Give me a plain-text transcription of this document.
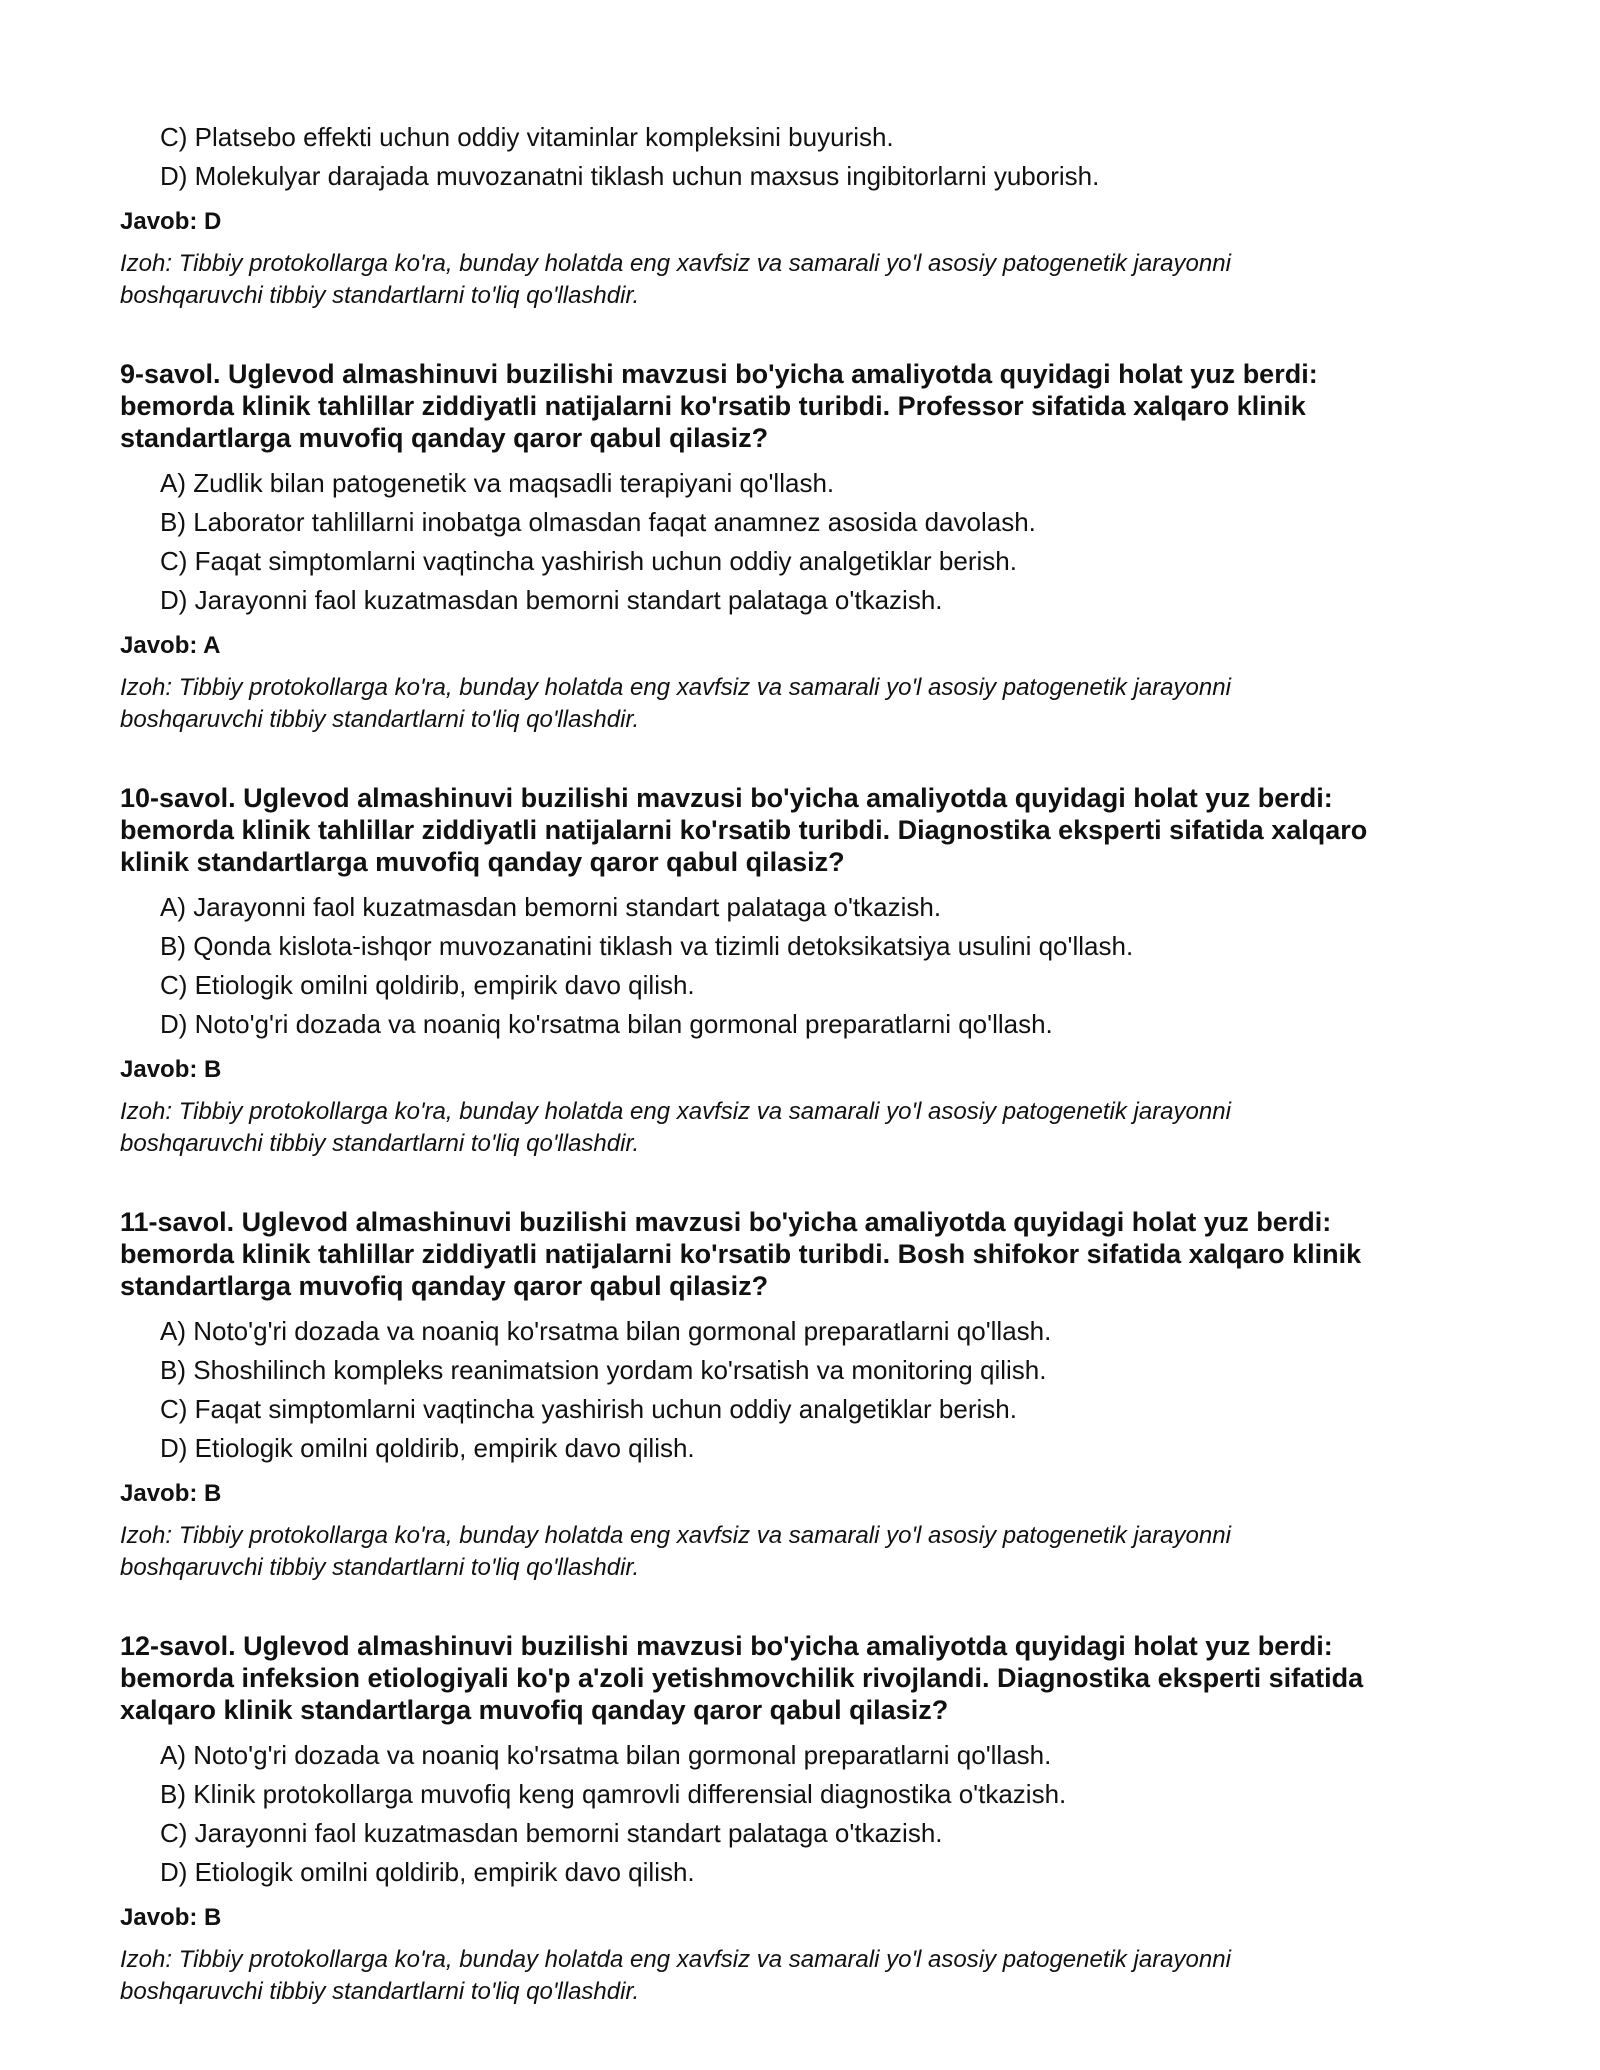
C) Platsebo effekti uchun oddiy vitaminlar kompleksini buyurish.

D) Molekulyar darajada muvozanatni tiklash uchun maxsus ingibitorlarni yuborish.

Javob: D
Izoh: Tibbiy protokollarga ko'ra, bunday holatda eng xavfsiz va samarali yo'l asosiy patogenetik jarayonni
boshqaruvchi tibbiy standartlarni to'liq qo'llashdir.
9-savol. Uglevod almashinuvi buzilishi mavzusi bo'yicha amaliyotda quyidagi holat yuz berdi:
bemorda klinik tahlillar ziddiyatli natijalarni ko'rsatib turibdi. Professor sifatida xalqaro klinik
standartlarga muvofiq qanday qaror qabul qilasiz?

A) Zudlik bilan patogenetik va maqsadli terapiyani qo'llash.

B) Laborator tahlillarni inobatga olmasdan faqat anamnez asosida davolash.

C) Faqat simptomlarni vaqtincha yashirish uchun oddiy analgetiklar berish.

D) Jarayonni faol kuzatmasdan bemorni standart palataga o'tkazish.

Javob: A
Izoh: Tibbiy protokollarga ko'ra, bunday holatda eng xavfsiz va samarali yo'l asosiy patogenetik jarayonni
boshqaruvchi tibbiy standartlarni to'liq qo'llashdir.
10-savol. Uglevod almashinuvi buzilishi mavzusi bo'yicha amaliyotda quyidagi holat yuz berdi:
bemorda klinik tahlillar ziddiyatli natijalarni ko'rsatib turibdi. Diagnostika eksperti sifatida xalqaro
klinik standartlarga muvofiq qanday qaror qabul qilasiz?

A) Jarayonni faol kuzatmasdan bemorni standart palataga o'tkazish.

B) Qonda kislota-ishqor muvozanatini tiklash va tizimli detoksikatsiya usulini qo'llash.

C) Etiologik omilni qoldirib, empirik davo qilish.

D) Noto'g'ri dozada va noaniq ko'rsatma bilan gormonal preparatlarni qo'llash.

Javob: B
Izoh: Tibbiy protokollarga ko'ra, bunday holatda eng xavfsiz va samarali yo'l asosiy patogenetik jarayonni
boshqaruvchi tibbiy standartlarni to'liq qo'llashdir.
11-savol. Uglevod almashinuvi buzilishi mavzusi bo'yicha amaliyotda quyidagi holat yuz berdi:
bemorda klinik tahlillar ziddiyatli natijalarni ko'rsatib turibdi. Bosh shifokor sifatida xalqaro klinik
standartlarga muvofiq qanday qaror qabul qilasiz?

A) Noto'g'ri dozada va noaniq ko'rsatma bilan gormonal preparatlarni qo'llash.

B) Shoshilinch kompleks reanimatsion yordam ko'rsatish va monitoring qilish.

C) Faqat simptomlarni vaqtincha yashirish uchun oddiy analgetiklar berish.

D) Etiologik omilni qoldirib, empirik davo qilish.

Javob: B
Izoh: Tibbiy protokollarga ko'ra, bunday holatda eng xavfsiz va samarali yo'l asosiy patogenetik jarayonni
boshqaruvchi tibbiy standartlarni to'liq qo'llashdir.
12-savol. Uglevod almashinuvi buzilishi mavzusi bo'yicha amaliyotda quyidagi holat yuz berdi:
bemorda infeksion etiologiyali ko'p a'zoli yetishmovchilik rivojlandi. Diagnostika eksperti sifatida
xalqaro klinik standartlarga muvofiq qanday qaror qabul qilasiz?

A) Noto'g'ri dozada va noaniq ko'rsatma bilan gormonal preparatlarni qo'llash.

B) Klinik protokollarga muvofiq keng qamrovli differensial diagnostika o'tkazish.

C) Jarayonni faol kuzatmasdan bemorni standart palataga o'tkazish.

D) Etiologik omilni qoldirib, empirik davo qilish.

Javob: B
Izoh: Tibbiy protokollarga ko'ra, bunday holatda eng xavfsiz va samarali yo'l asosiy patogenetik jarayonni
boshqaruvchi tibbiy standartlarni to'liq qo'llashdir.
